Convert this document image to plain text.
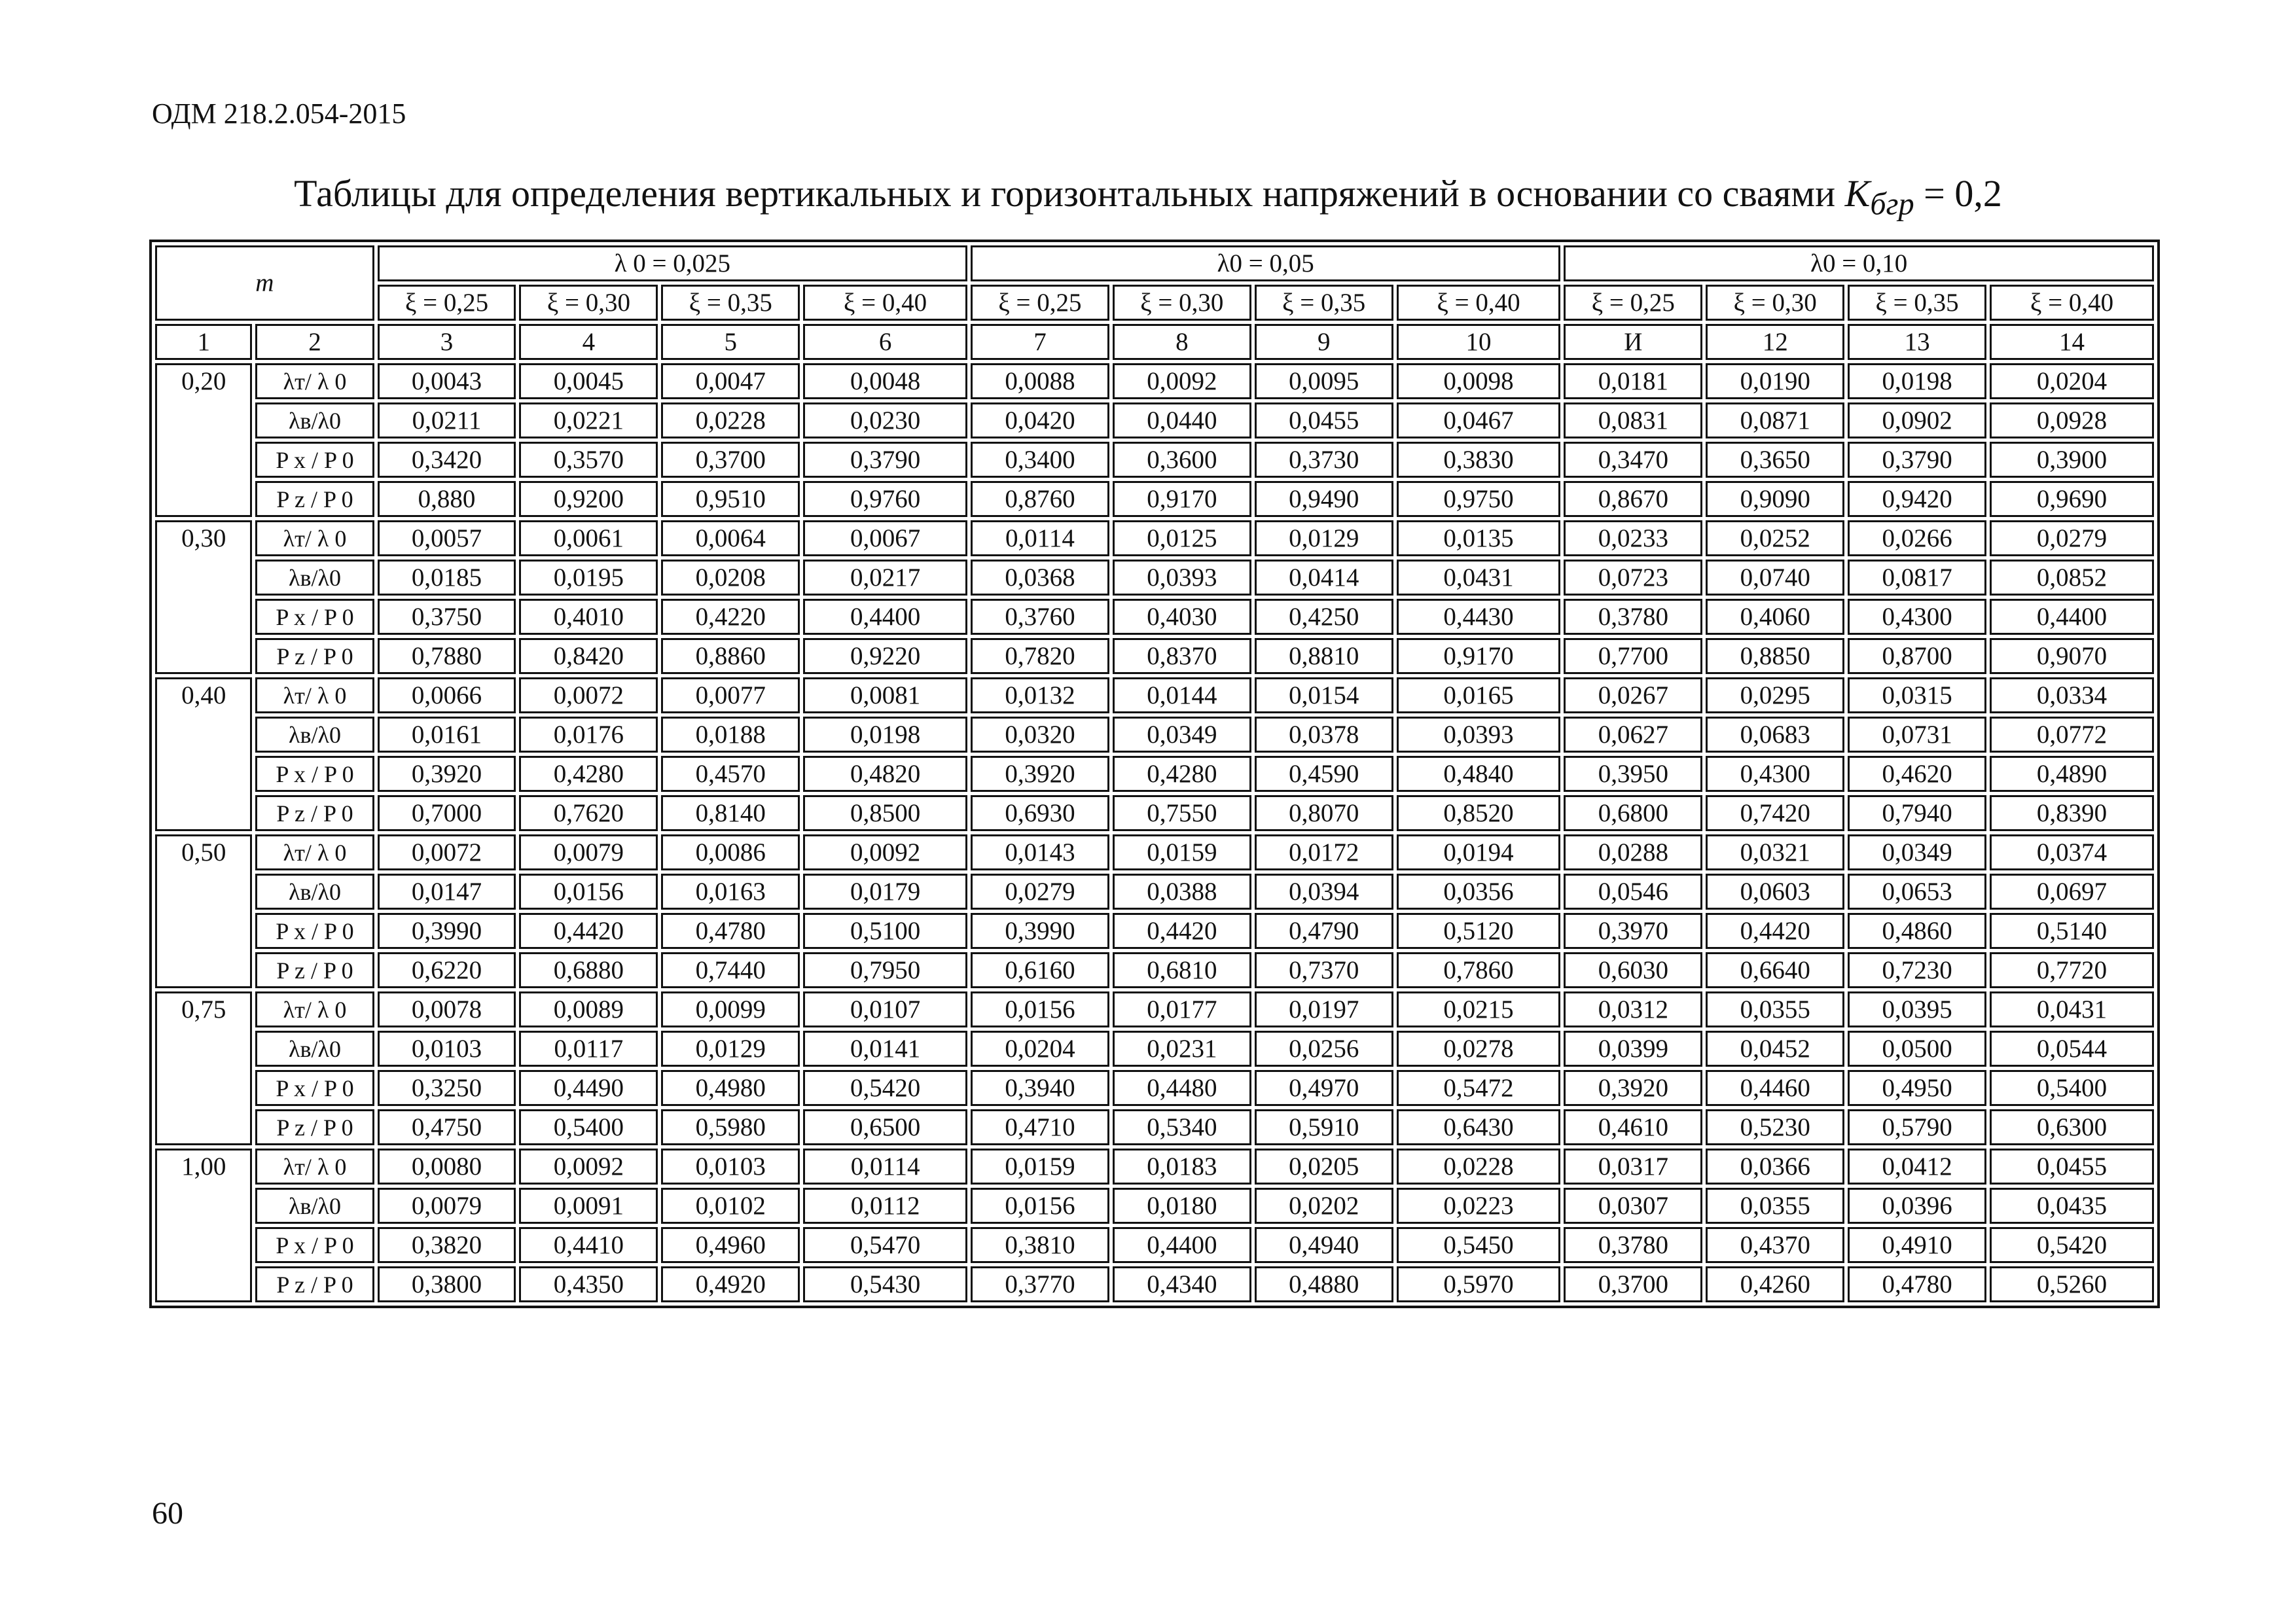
ОДМ 218.2.054-2015
Таблицы для определения вертикальных и горизонтальных напряжений в основании со сваями $K_{бгр} = 0,2$
m		λ 0 = 0,025				λ0 = 0,05				λ0 = 0,10			
		ξ = 0,25	ξ = 0,30	ξ = 0,35	ξ = 0,40	ξ = 0,25	ξ = 0,30	ξ = 0,35	ξ = 0,40	ξ = 0,25	ξ = 0,30	ξ = 0,35	ξ = 0,40
1	2	3	4	5	6	7	8	9	10	И	12	13	14
0,20	λт/ λ 0	0,0043	0,0045	0,0047	0,0048	0,0088	0,0092	0,0095	0,0098	0,0181	0,0190	0,0198	0,0204
	λв/λ0	0,0211	0,0221	0,0228	0,0230	0,0420	0,0440	0,0455	0,0467	0,0831	0,0871	0,0902	0,0928
	P x / P 0	0,3420	0,3570	0,3700	0,3790	0,3400	0,3600	0,3730	0,3830	0,3470	0,3650	0,3790	0,3900
	P z / P 0	0,880	0,9200	0,9510	0,9760	0,8760	0,9170	0,9490	0,9750	0,8670	0,9090	0,9420	0,9690
0,30	λт/ λ 0	0,0057	0,0061	0,0064	0,0067	0,0114	0,0125	0,0129	0,0135	0,0233	0,0252	0,0266	0,0279
	λв/λ0	0,0185	0,0195	0,0208	0,0217	0,0368	0,0393	0,0414	0,0431	0,0723	0,0740	0,0817	0,0852
	P x / P 0	0,3750	0,4010	0,4220	0,4400	0,3760	0,4030	0,4250	0,4430	0,3780	0,4060	0,4300	0,4400
	P z / P 0	0,7880	0,8420	0,8860	0,9220	0,7820	0,8370	0,8810	0,9170	0,7700	0,8850	0,8700	0,9070
0,40	λт/ λ 0	0,0066	0,0072	0,0077	0,0081	0,0132	0,0144	0,0154	0,0165	0,0267	0,0295	0,0315	0,0334
	λв/λ0	0,0161	0,0176	0,0188	0,0198	0,0320	0,0349	0,0378	0,0393	0,0627	0,0683	0,0731	0,0772
	P x / P 0	0,3920	0,4280	0,4570	0,4820	0,3920	0,4280	0,4590	0,4840	0,3950	0,4300	0,4620	0,4890
	P z / P 0	0,7000	0,7620	0,8140	0,8500	0,6930	0,7550	0,8070	0,8520	0,6800	0,7420	0,7940	0,8390
0,50	λт/ λ 0	0,0072	0,0079	0,0086	0,0092	0,0143	0,0159	0,0172	0,0194	0,0288	0,0321	0,0349	0,0374
	λв/λ0	0,0147	0,0156	0,0163	0,0179	0,0279	0,0388	0,0394	0,0356	0,0546	0,0603	0,0653	0,0697
	P x / P 0	0,3990	0,4420	0,4780	0,5100	0,3990	0,4420	0,4790	0,5120	0,3970	0,4420	0,4860	0,5140
	P z / P 0	0,6220	0,6880	0,7440	0,7950	0,6160	0,6810	0,7370	0,7860	0,6030	0,6640	0,7230	0,7720
0,75	λт/ λ 0	0,0078	0,0089	0,0099	0,0107	0,0156	0,0177	0,0197	0,0215	0,0312	0,0355	0,0395	0,0431
	λв/λ0	0,0103	0,0117	0,0129	0,0141	0,0204	0,0231	0,0256	0,0278	0,0399	0,0452	0,0500	0,0544
	P x / P 0	0,3250	0,4490	0,4980	0,5420	0,3940	0,4480	0,4970	0,5472	0,3920	0,4460	0,4950	0,5400
	P z / P 0	0,4750	0,5400	0,5980	0,6500	0,4710	0,5340	0,5910	0,6430	0,4610	0,5230	0,5790	0,6300
1,00	λт/ λ 0	0,0080	0,0092	0,0103	0,0114	0,0159	0,0183	0,0205	0,0228	0,0317	0,0366	0,0412	0,0455
	λв/λ0	0,0079	0,0091	0,0102	0,0112	0,0156	0,0180	0,0202	0,0223	0,0307	0,0355	0,0396	0,0435
	P x / P 0	0,3820	0,4410	0,4960	0,5470	0,3810	0,4400	0,4940	0,5450	0,3780	0,4370	0,4910	0,5420
	P z / P 0	0,3800	0,4350	0,4920	0,5430	0,3770	0,4340	0,4880	0,5970	0,3700	0,4260	0,4780	0,5260
60
